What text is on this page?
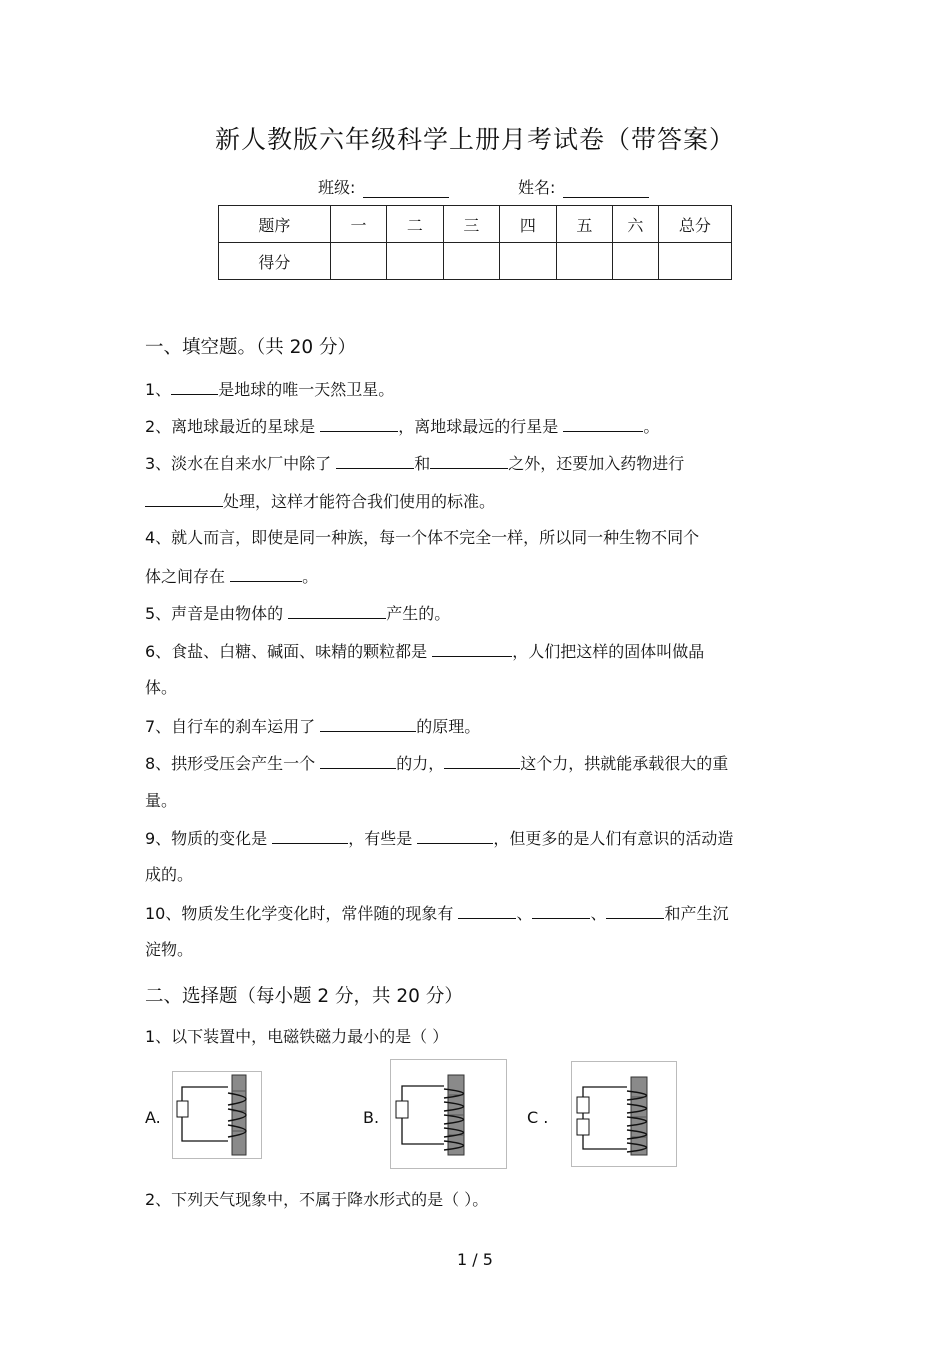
新人教版六年级科学上册月考试卷（带答案）
班级:	姓名:
题序	一	二	三	四	五	六	总分
得分							
一、填空题。（共 20 分）
1、	是地球的唯一天然卫星。
2、离地球最近的星球是	，离地球最远的行星是	。
3、淡水在自来水厂中除了	和	之外，还要加入药物进行
处理，这样才能符合我们使用的标准。
4、就人而言，即使是同一种族，每一个体不完全一样，所以同一种生物不同个
体之间存在	。
5、声音是由物体的	产生的。
6、食盐、白糖、碱面、味精的颗粒都是	，人们把这样的固体叫做晶
体。
7、自行车的刹车运用了	的原理。
8、拱形受压会产生一个	的力，	这个力，拱就能承载很大的重
量。
9、物质的变化是	，有些是	，但更多的是人们有意识的活动造
成的。
10、物质发生化学变化时，常伴随的现象有	、	、	和产生沉
淀物。
二、选择题（每小题 2 分，共 20 分）
1、以下装置中，电磁铁磁力最小的是（ ）
A.	B.	C .
2、下列天气现象中，不属于降水形式的是（ ）。
1 / 5
